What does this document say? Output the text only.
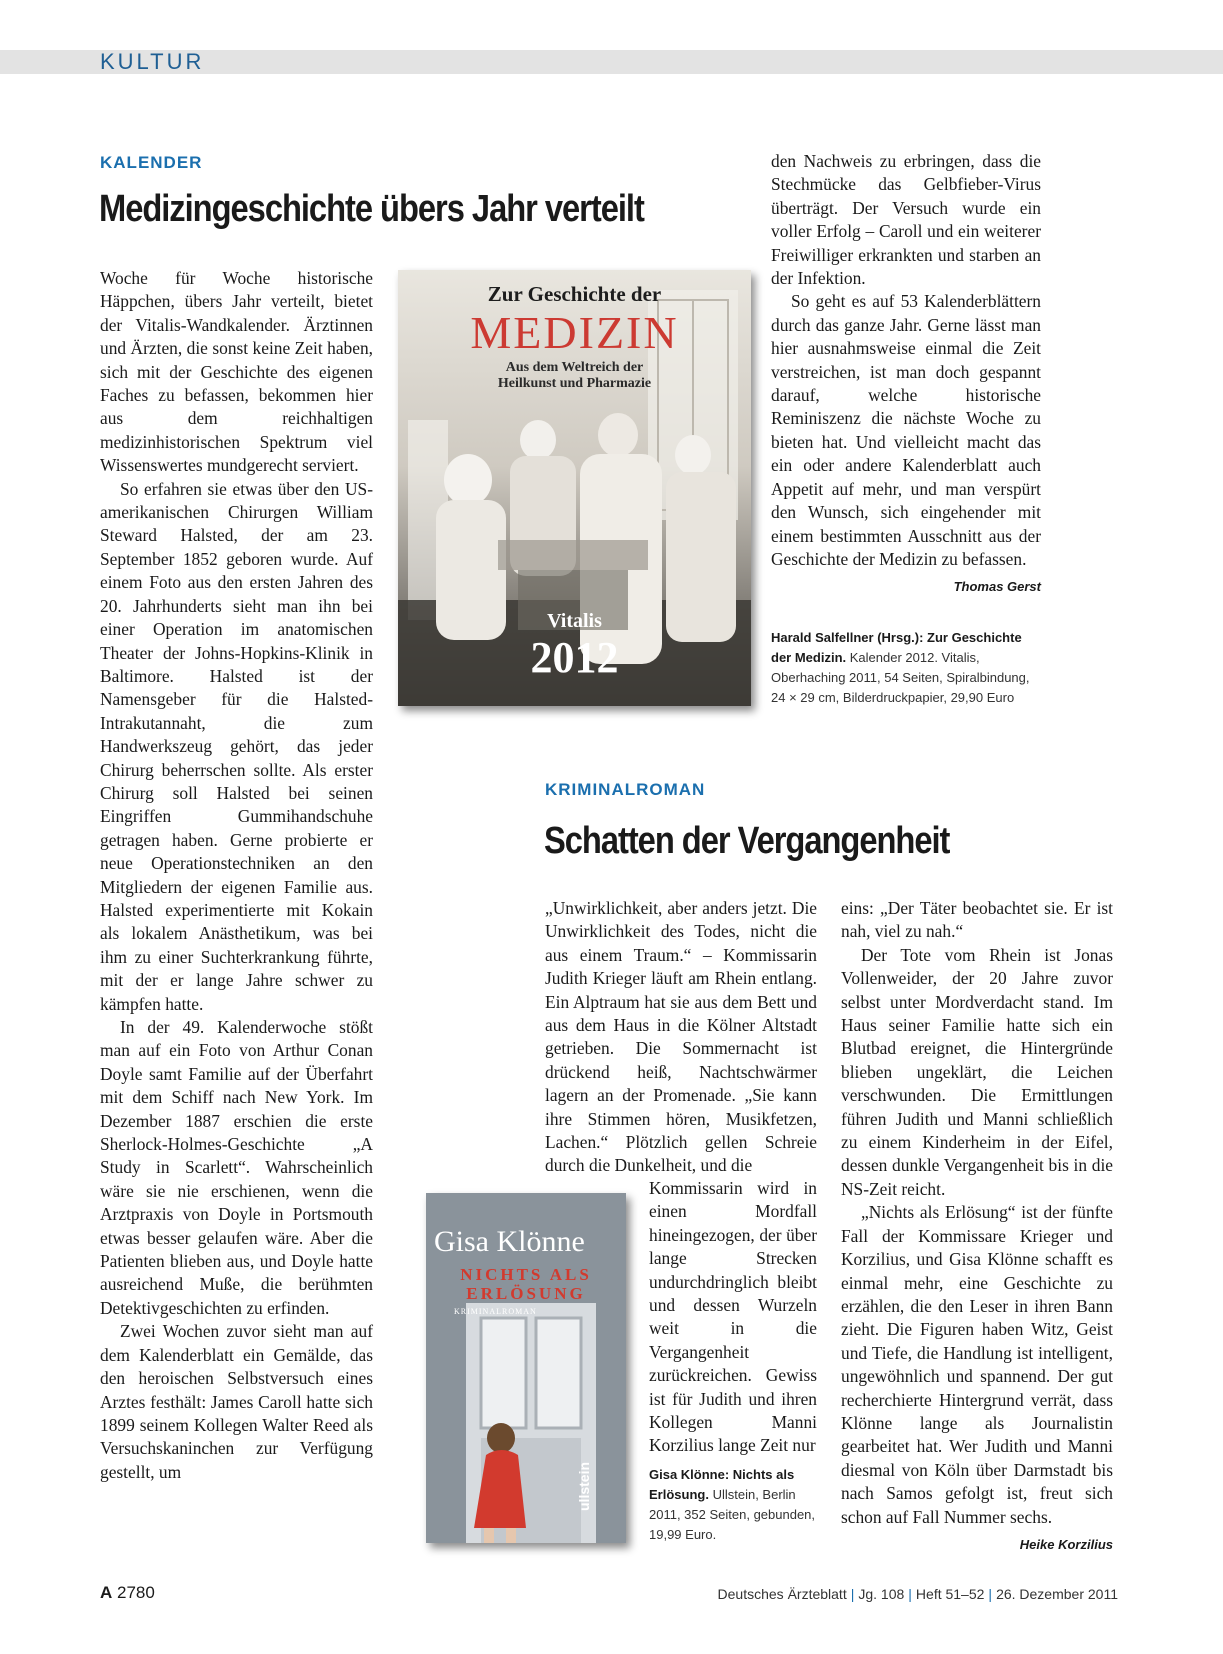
KULTUR
KALENDER
Medizingeschichte übers Jahr verteilt

Woche für Woche historische Häppchen, übers Jahr verteilt, bietet der Vitalis-Wandkalender. Ärztinnen und Ärzten, die sonst keine Zeit haben, sich mit der Geschichte des eigenen Faches zu befassen, bekommen hier aus dem reichhaltigen medizinhistorischen Spektrum viel Wissenswertes mundgerecht serviert.

So erfahren sie etwas über den US-amerikanischen Chirurgen William Steward Halsted, der am 23. September 1852 geboren wurde. Auf einem Foto aus den ersten Jahren des 20. Jahrhunderts sieht man ihn bei einer Operation im anatomischen Theater der Johns-Hopkins-Klinik in Baltimore. Halsted ist der Namensgeber für die Halsted-Intrakutannaht, die zum Handwerkszeug gehört, das jeder Chirurg beherrschen sollte. Als erster Chirurg soll Halsted bei seinen Eingriffen Gummihandschuhe getragen haben. Gerne probierte er neue Operationstechniken an den Mitgliedern der eigenen Familie aus. Halsted experimentierte mit Kokain als lokalem Anästhetikum, was bei ihm zu einer Suchterkrankung führte, mit der er lange Jahre schwer zu kämpfen hatte.

In der 49. Kalenderwoche stößt man auf ein Foto von Arthur Conan Doyle samt Familie auf der Überfahrt mit dem Schiff nach New York. Im Dezember 1887 erschien die erste Sherlock-Holmes-Geschichte „A Study in Scarlett“. Wahrscheinlich wäre sie nie erschienen, wenn die Arztpraxis von Doyle in Portsmouth etwas besser gelaufen wäre. Aber die Patienten blieben aus, und Doyle hatte ausreichend Muße, die berühmten Detektivgeschichten zu erfinden.

Zwei Wochen zuvor sieht man auf dem Kalenderblatt ein Gemälde, das den heroischen Selbstversuch eines Arztes festhält: James Caroll hatte sich 1899 seinem Kollegen Walter Reed als Versuchskaninchen zur Verfügung gestellt, um

Zur Geschichte der
MEDIZIN
Aus dem Weltreich der
Heilkunst und Pharmazie
Vitalis
2012

den Nachweis zu erbringen, dass die Stechmücke das Gelbfieber-Virus überträgt. Der Versuch wurde ein voller Erfolg – Caroll und ein weiterer Freiwilliger erkrankten und starben an der Infektion.

So geht es auf 53 Kalenderblättern durch das ganze Jahr. Gerne lässt man hier ausnahmsweise einmal die Zeit verstreichen, ist man doch gespannt darauf, welche historische Reminiszenz die nächste Woche zu bieten hat. Und vielleicht macht das ein oder andere Kalenderblatt auch Appetit auf mehr, und man verspürt den Wunsch, sich eingehender mit einem bestimmten Ausschnitt aus der Geschichte der Medizin zu befassen.
Thomas Gerst

Harald Salfellner (Hrsg.): Zur Geschichte der Medizin. Kalender 2012. Vitalis, Oberhaching 2011, 54 Seiten, Spiralbindung, 24 × 29 cm, Bilderdruckpapier, 29,90 Euro
KRIMINALROMAN
Schatten der Vergangenheit
„Unwirklichkeit, aber anders jetzt. Die Unwirklichkeit des Todes, nicht die aus einem Traum.“ – Kommissarin Judith Krieger läuft am Rhein entlang. Ein Alptraum hat sie aus dem Bett und aus dem Haus in die Kölner Altstadt getrieben. Die Sommernacht ist drückend heiß, Nachtschwärmer lagern an der Promenade. „Sie kann ihre Stimmen hören, Musikfetzen, Lachen.“ Plötzlich gellen Schreie durch die Dunkelheit, und die
Gisa Klönne
NICHTS ALS
ERLÖSUNG
KRIMINALROMAN
ullstein
Kommissarin wird in einen Mordfall hineingezogen, der über lange Strecken undurchdringlich bleibt und dessen Wurzeln weit in die Vergangenheit zurückreichen. Gewiss ist für Judith und ihren Kollegen Manni Korzilius lange Zeit nur
Gisa Klönne: Nichts als Erlösung. Ullstein, Berlin 2011, 352 Seiten, gebunden, 19,99 Euro.

eins: „Der Täter beobachtet sie. Er ist nah, viel zu nah.“

Der Tote vom Rhein ist Jonas Vollenweider, der 20 Jahre zuvor selbst unter Mordverdacht stand. Im Haus seiner Familie hatte sich ein Blutbad ereignet, die Hintergründe blieben ungeklärt, die Leichen verschwunden. Die Ermittlungen führen Judith und Manni schließlich zu einem Kinderheim in der Eifel, dessen dunkle Vergangenheit bis in die NS-Zeit reicht.

„Nichts als Erlösung“ ist der fünfte Fall der Kommissare Krieger und Korzilius, und Gisa Klönne schafft es einmal mehr, eine Geschichte zu erzählen, die den Leser in ihren Bann zieht. Die Figuren haben Witz, Geist und Tiefe, die Handlung ist intelligent, ungewöhnlich und spannend. Der gut recherchierte Hintergrund verrät, dass Klönne lange als Journalistin gearbeitet hat. Wer Judith und Manni diesmal von Köln über Darmstadt bis nach Samos gefolgt ist, freut sich schon auf Fall Nummer sechs.
Heike Korzilius

A 2780	Deutsches Ärzteblatt | Jg. 108 | Heft 51–52 | 26. Dezember 2011
